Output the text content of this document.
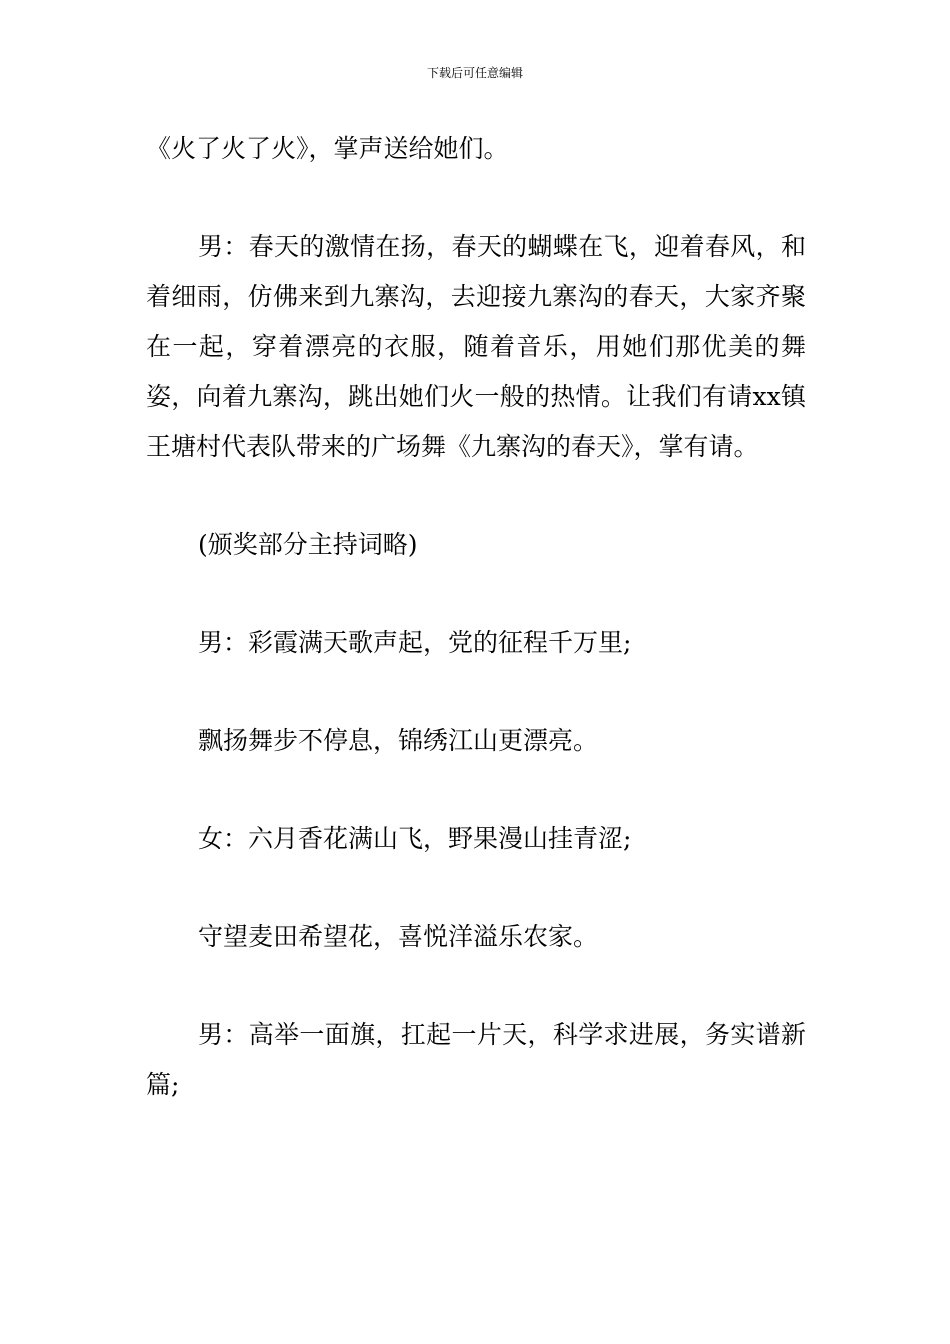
下载后可任意编辑

《火了火了火》，掌声送给她们。

男：春天的激情在扬，春天的蝴蝶在飞，迎着春风，和着细雨，仿佛来到九寨沟，去迎接九寨沟的春天，大家齐聚在一起，穿着漂亮的衣服，随着音乐，用她们那优美的舞姿，向着九寨沟，跳出她们火一般的热情。让我们有请xx镇王塘村代表队带来的广场舞《九寨沟的春天》，掌有请。

(颁奖部分主持词略)

男：彩霞满天歌声起，党的征程千万里;

飘扬舞步不停息，锦绣江山更漂亮。

女：六月香花满山飞，野果漫山挂青涩;

守望麦田希望花，喜悦洋溢乐农家。

男：高举一面旗，扛起一片天，科学求进展，务实谱新篇;
